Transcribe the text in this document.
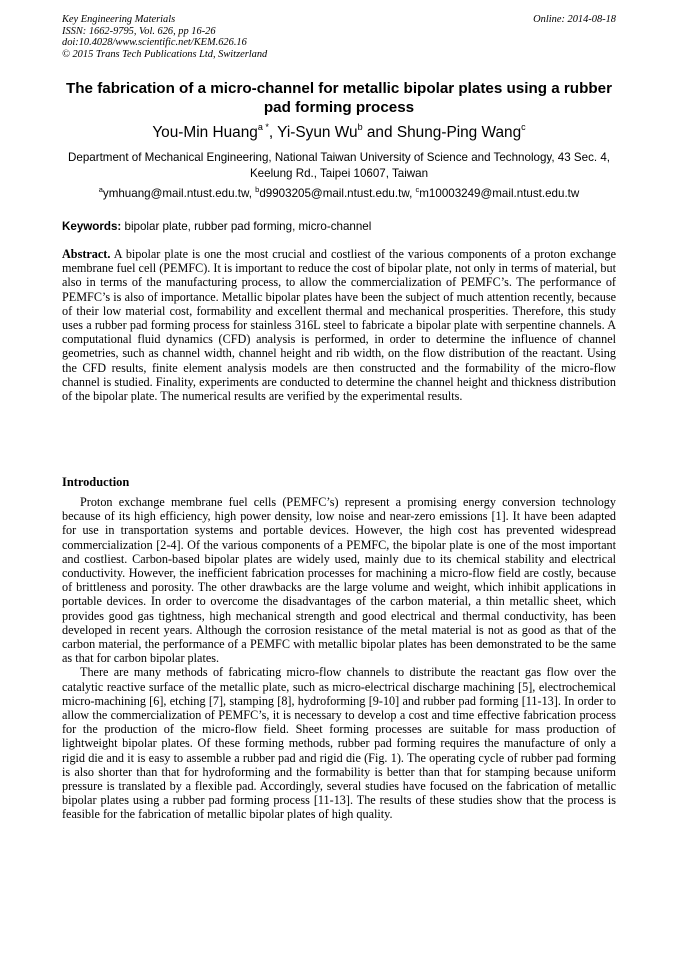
Key Engineering Materials
ISSN: 1662-9795, Vol. 626, pp 16-26
doi:10.4028/www.scientific.net/KEM.626.16
© 2015 Trans Tech Publications Ltd, Switzerland
Online: 2014-08-18
The fabrication of a micro-channel for metallic bipolar plates using a rubber pad forming process
You-Min Huang$^{a *}$, Yi-Syun Wu$^b$ and Shung-Ping Wang$^c$
Department of Mechanical Engineering, National Taiwan University of Science and Technology, 43 Sec. 4, Keelung Rd., Taipei 10607, Taiwan
$^a$ymhuang@mail.ntust.edu.tw, $^b$d9903205@mail.ntust.edu.tw, $^c$m10003249@mail.ntust.edu.tw
Keywords: bipolar plate, rubber pad forming, micro-channel

Abstract. A bipolar plate is one the most crucial and costliest of the various components of a proton exchange membrane fuel cell (PEMFC). It is important to reduce the cost of bipolar plate, not only in terms of material, but also in terms of the manufacturing process, to allow the commercialization of PEMFC’s. The performance of PEMFC’s is also of importance. Metallic bipolar plates have been the subject of much attention recently, because of their low material cost, formability and excellent thermal and mechanical prosperities. Therefore, this study uses a rubber pad forming process for stainless 316L steel to fabricate a bipolar plate with serpentine channels. A computational fluid dynamics (CFD) analysis is performed, in order to determine the influence of channel geometries, such as channel width, channel height and rib width, on the flow distribution of the reactant. Using the CFD results, finite element analysis models are then constructed and the formability of the micro-flow channel is studied. Finality, experiments are conducted to determine the channel height and thickness distribution of the bipolar plate. The numerical results are verified by the experimental results.

Introduction

Proton exchange membrane fuel cells (PEMFC’s) represent a promising energy conversion technology because of its high efficiency, high power density, low noise and near-zero emissions [1]. It have been adapted for use in transportation systems and portable devices. However, the high cost has prevented widespread commercialization [2-4]. Of the various components of a PEMFC, the bipolar plate is one of the most important and costliest. Carbon-based bipolar plates are widely used, mainly due to its chemical stability and electrical conductivity. However, the inefficient fabrication processes for machining a micro-flow field are costly, because of brittleness and porosity. The other drawbacks are the large volume and weight, which inhibit applications in portable devices. In order to overcome the disadvantages of the carbon material, a thin metallic sheet, which provides good gas tightness, high mechanical strength and good electrical and thermal conductivity, has been developed in recent years. Although the corrosion resistance of the metal material is not as good as that of the carbon material, the performance of a PEMFC with metallic bipolar plates has been demonstrated to be the same as that for carbon bipolar plates.

There are many methods of fabricating micro-flow channels to distribute the reactant gas flow over the catalytic reactive surface of the metallic plate, such as micro-electrical discharge machining [5], electrochemical micro-machining [6], etching [7], stamping [8], hydroforming [9-10] and rubber pad forming [11-13]. In order to allow the commercialization of PEMFC’s, it is necessary to develop a cost and time effective fabrication process for the production of the micro-flow field. Sheet forming processes are suitable for mass production of lightweight bipolar plates. Of these forming methods, rubber pad forming requires the manufacture of only a rigid die and it is easy to assemble a rubber pad and rigid die (Fig. 1). The operating cycle of rubber pad forming is also shorter than that for hydroforming and the formability is better than that for stamping because uniform pressure is translated by a flexible pad. Accordingly, several studies have focused on the fabrication of metallic bipolar plates using a rubber pad forming process [11-13]. The results of these studies show that the process is feasible for the fabrication of metallic bipolar plates of high quality.
